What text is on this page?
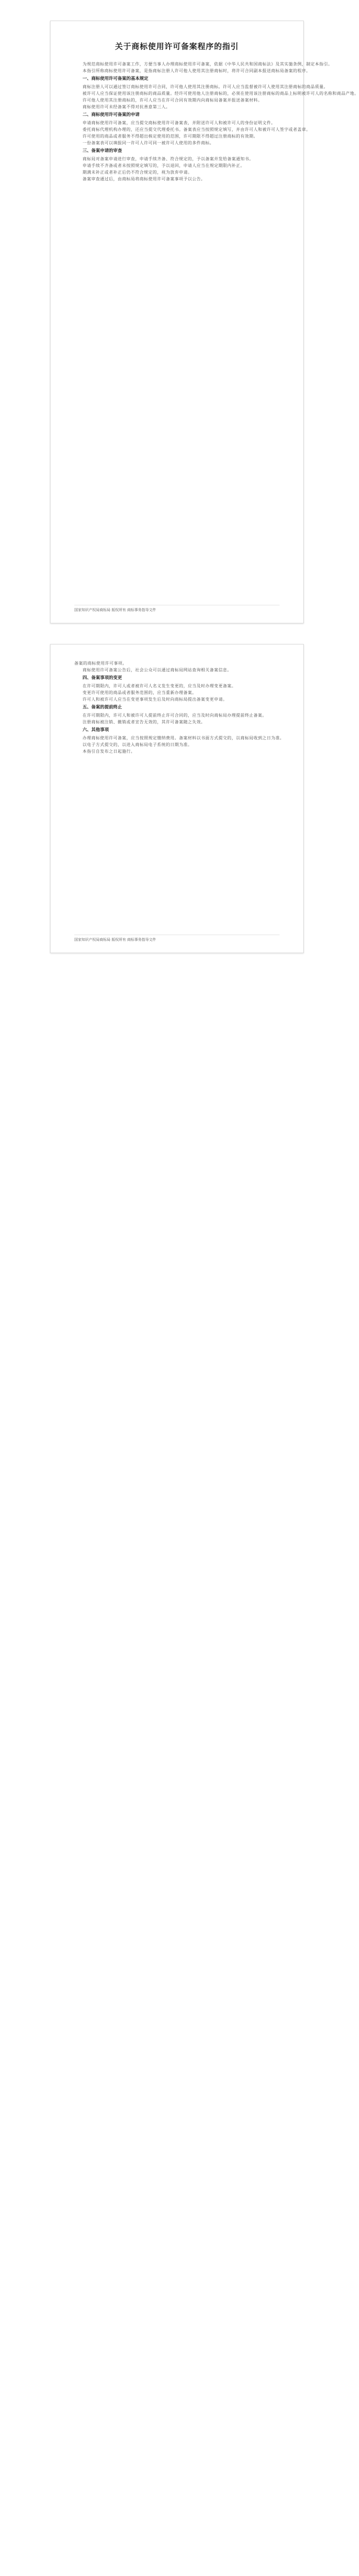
关于商标使用许可备案程序的指引
为规范商标使用许可备案工作，方便当事人办理商标使用许可备案，依据《中华人民共和国商标法》及其实施条例，制定本指引。
本指引所称商标使用许可备案，是指商标注册人许可他人使用其注册商标时，将许可合同副本报送商标局备案的程序。
一、商标使用许可备案的基本规定
商标注册人可以通过签订商标使用许可合同，许可他人使用其注册商标。许可人应当监督被许可人使用其注册商标的商品质量。
被许可人应当保证使用该注册商标的商品质量。经许可使用他人注册商标的，必须在使用该注册商标的商品上标明被许可人的名称和商品产地。
许可他人使用其注册商标的，许可人应当在许可合同有效期内向商标局备案并报送备案材料。
商标使用许可未经备案不得对抗善意第三人。
二、商标使用许可备案的申请
申请商标使用许可备案，应当提交商标使用许可备案表，并附送许可人和被许可人的身份证明文件。
委托商标代理机构办理的，还应当提交代理委托书。备案表应当按照规定填写，并由许可人和被许可人签字或者盖章。
许可使用的商品或者服务不得超出核定使用的范围，许可期限不得超过注册商标的有效期。
一份备案表可以填报同一许可人许可同一被许可人使用的多件商标。
三、备案申请的审查
商标局对备案申请进行审查，申请手续齐备、符合规定的，予以备案并发给备案通知书。
申请手续不齐备或者未按照规定填写的，予以退回，申请人应当在规定期限内补正。
期满未补正或者补正后仍不符合规定的，视为放弃申请。
备案审查通过后，由商标局将商标使用许可备案事项予以公告。
国家知识产权局商标局 版权所有 商标事务指导文件
备案的商标使用许可事项。
商标使用许可备案公告后，社会公众可以通过商标局网站查询相关备案信息。
四、备案事项的变更
在许可期限内，许可人或者被许可人名义发生变更的，应当及时办理变更备案。
变更许可使用的商品或者服务范围的，应当重新办理备案。
许可人和被许可人应当在变更事项发生后及时向商标局提出备案变更申请。
五、备案的提前终止
在许可期限内，许可人和被许可人提前终止许可合同的，应当及时向商标局办理提前终止备案。
注册商标被注销、撤销或者宣告无效的，其许可备案随之失效。
六、其他事项
办理商标使用许可备案，应当按照规定缴纳费用。备案材料以书面方式提交的，以商标局收到之日为准。
以电子方式提交的，以进入商标局电子系统的日期为准。
本指引自发布之日起施行。
国家知识产权局商标局 版权所有 商标事务指导文件
